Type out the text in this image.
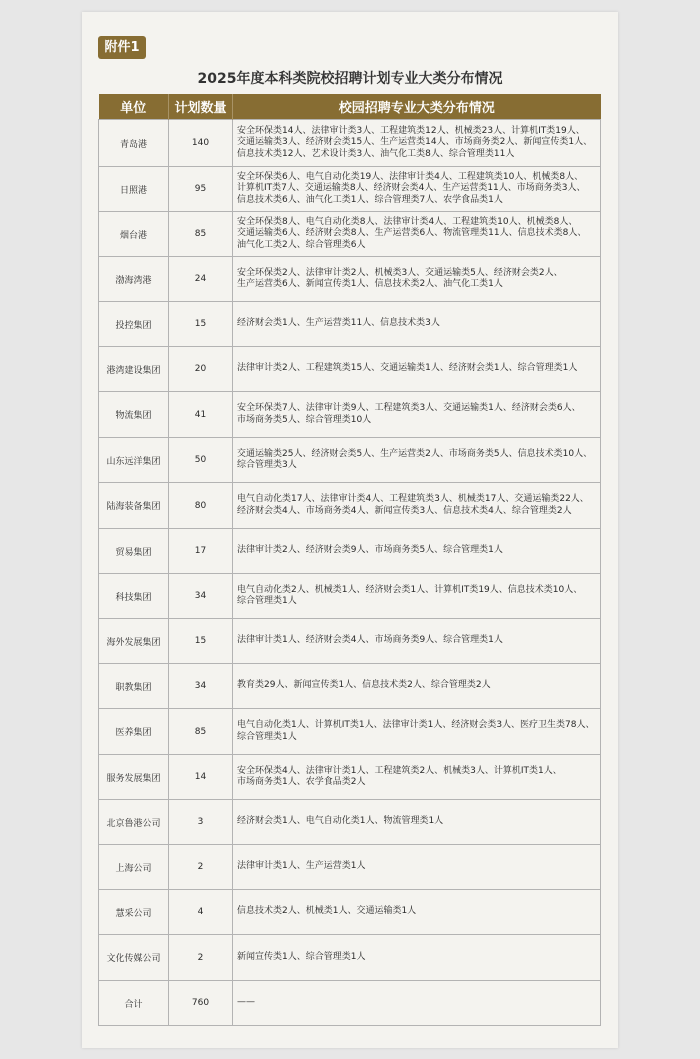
附件1
2025年度本科类院校招聘计划专业大类分布情况
单位	计划数量	校园招聘专业大类分布情况
青岛港	140	安全环保类14人、法律审计类3人、工程建筑类12人、机械类23人、计算机IT类19人、
交通运输类3人、经济财会类15人、生产运营类14人、市场商务类2人、新闻宣传类1人、
信息技术类12人、艺术设计类3人、油气化工类8人、综合管理类11人
日照港	95	安全环保类6人、电气自动化类19人、法律审计类4人、工程建筑类10人、机械类8人、
计算机IT类7人、交通运输类8人、经济财会类4人、生产运营类11人、市场商务类3人、
信息技术类6人、油气化工类1人、综合管理类7人、农学食品类1人
烟台港	85	安全环保类8人、电气自动化类8人、法律审计类4人、工程建筑类10人、机械类8人、
交通运输类6人、经济财会类8人、生产运营类6人、物流管理类11人、信息技术类8人、
油气化工类2人、综合管理类6人
渤海湾港	24	安全环保类2人、法律审计类2人、机械类3人、交通运输类5人、经济财会类2人、
生产运营类6人、新闻宣传类1人、信息技术类2人、油气化工类1人
投控集团	15	经济财会类1人、生产运营类11人、信息技术类3人
港湾建设集团	20	法律审计类2人、工程建筑类15人、交通运输类1人、经济财会类1人、综合管理类1人
物流集团	41	安全环保类7人、法律审计类9人、工程建筑类3人、交通运输类1人、经济财会类6人、
市场商务类5人、综合管理类10人
山东远洋集团	50	交通运输类25人、经济财会类5人、生产运营类2人、市场商务类5人、信息技术类10人、
综合管理类3人
陆海装备集团	80	电气自动化类17人、法律审计类4人、工程建筑类3人、机械类17人、交通运输类22人、
经济财会类4人、市场商务类4人、新闻宣传类3人、信息技术类4人、综合管理类2人
贸易集团	17	法律审计类2人、经济财会类9人、市场商务类5人、综合管理类1人
科技集团	34	电气自动化类2人、机械类1人、经济财会类1人、计算机IT类19人、信息技术类10人、
综合管理类1人
海外发展集团	15	法律审计类1人、经济财会类4人、市场商务类9人、综合管理类1人
职教集团	34	教育类29人、新闻宣传类1人、信息技术类2人、综合管理类2人
医养集团	85	电气自动化类1人、计算机IT类1人、法律审计类1人、经济财会类3人、医疗卫生类78人、
综合管理类1人
服务发展集团	14	安全环保类4人、法律审计类1人、工程建筑类2人、机械类3人、计算机IT类1人、
市场商务类1人、农学食品类2人
北京鲁港公司	3	经济财会类1人、电气自动化类1人、物流管理类1人
上海公司	2	法律审计类1人、生产运营类1人
慧采公司	4	信息技术类2人、机械类1人、交通运输类1人
文化传媒公司	2	新闻宣传类1人、综合管理类1人
合计	760	——
